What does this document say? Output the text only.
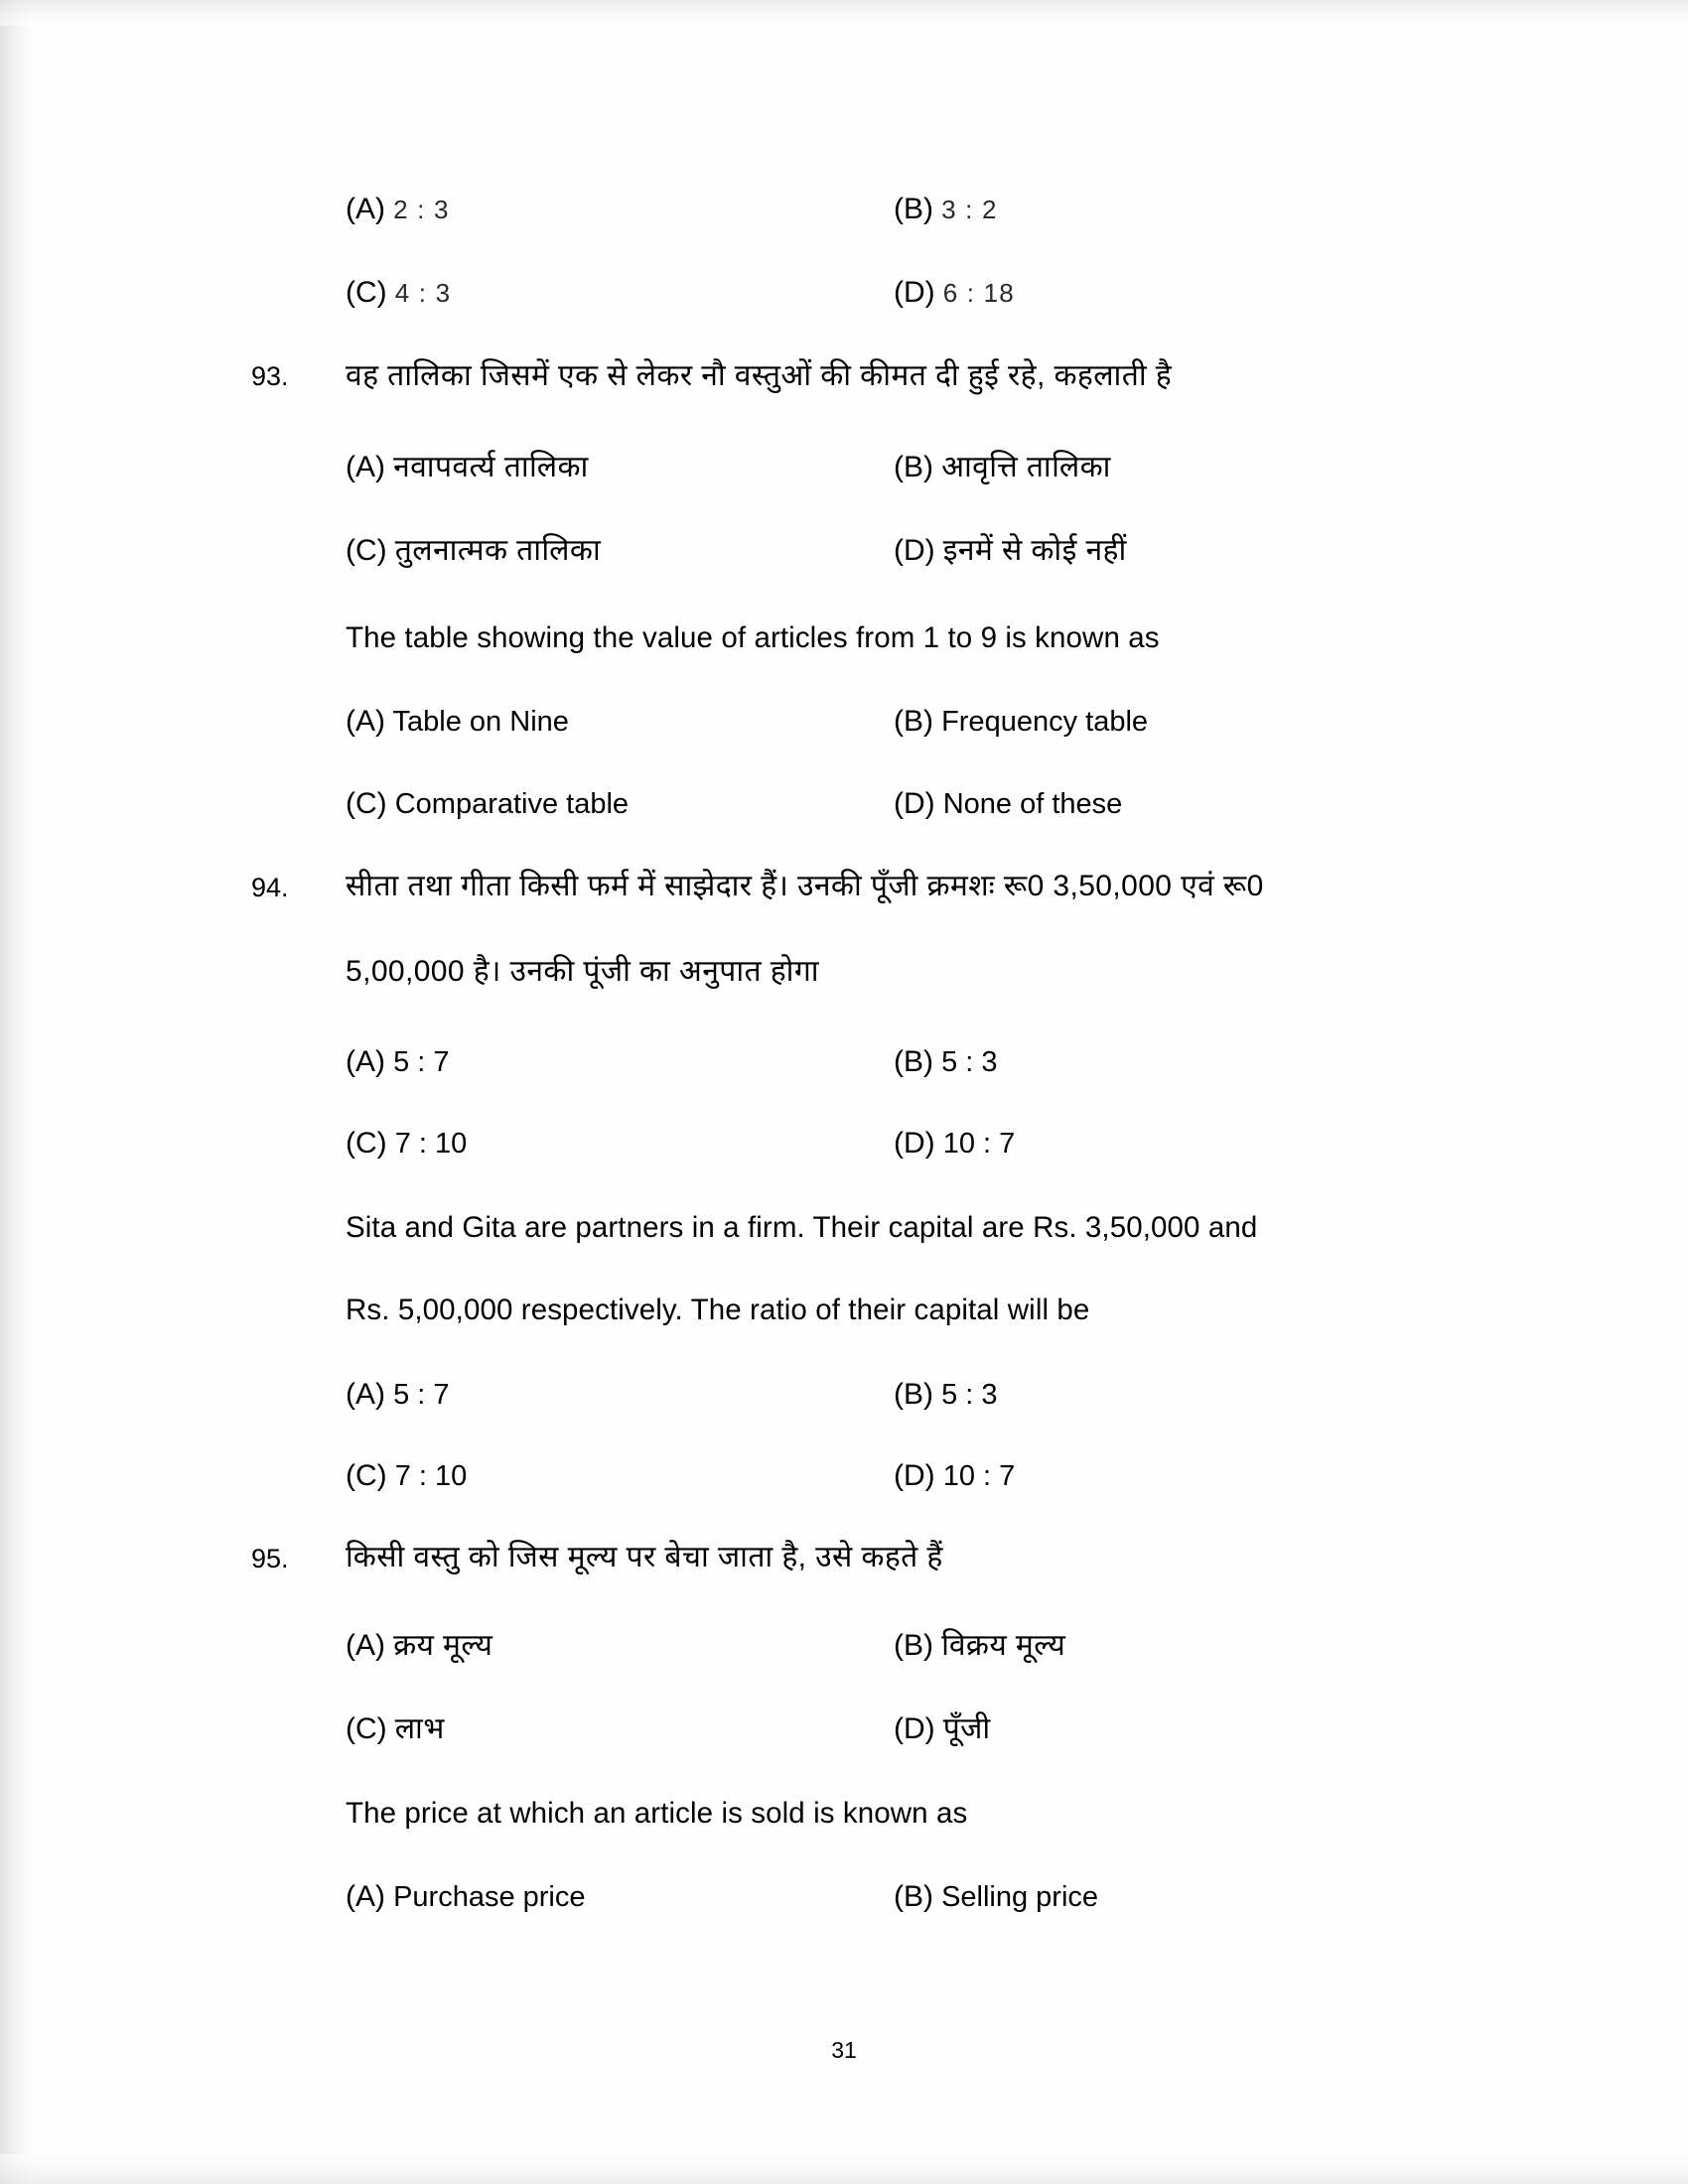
(A) 2 : 3	(B) 3 : 2
(C) 4 : 3	(D) 6 : 18
93.	वह तालिका जिसमें एक से लेकर नौ वस्तुओं की कीमत दी हुई रहे, कहलाती है
(A) नवापवर्त्य तालिका	(B) आवृत्ति तालिका
(C) तुलनात्मक तालिका	(D) इनमें से कोई नहीं
The table showing the value of articles from 1 to 9 is known as
(A) Table on Nine	(B) Frequency table
(C) Comparative table	(D) None of these
94.	सीता तथा गीता किसी फर्म में साझेदार हैं। उनकी पूँजी क्रमशः रू0 3,50,000 एवं रू0
5,00,000 है। उनकी पूंजी का अनुपात होगा
(A) 5 : 7	(B) 5 : 3
(C) 7 : 10	(D) 10 : 7
Sita and Gita are partners in a firm. Their capital are Rs. 3,50,000 and
Rs. 5,00,000 respectively. The ratio of their capital will be
(A) 5 : 7	(B) 5 : 3
(C) 7 : 10	(D) 10 : 7
95.	किसी वस्तु को जिस मूल्य पर बेचा जाता है, उसे कहते हैं
(A) क्रय मूल्य	(B) विक्रय मूल्य
(C) लाभ	(D) पूँजी
The price at which an article is sold is known as
(A) Purchase price	(B) Selling price
31
